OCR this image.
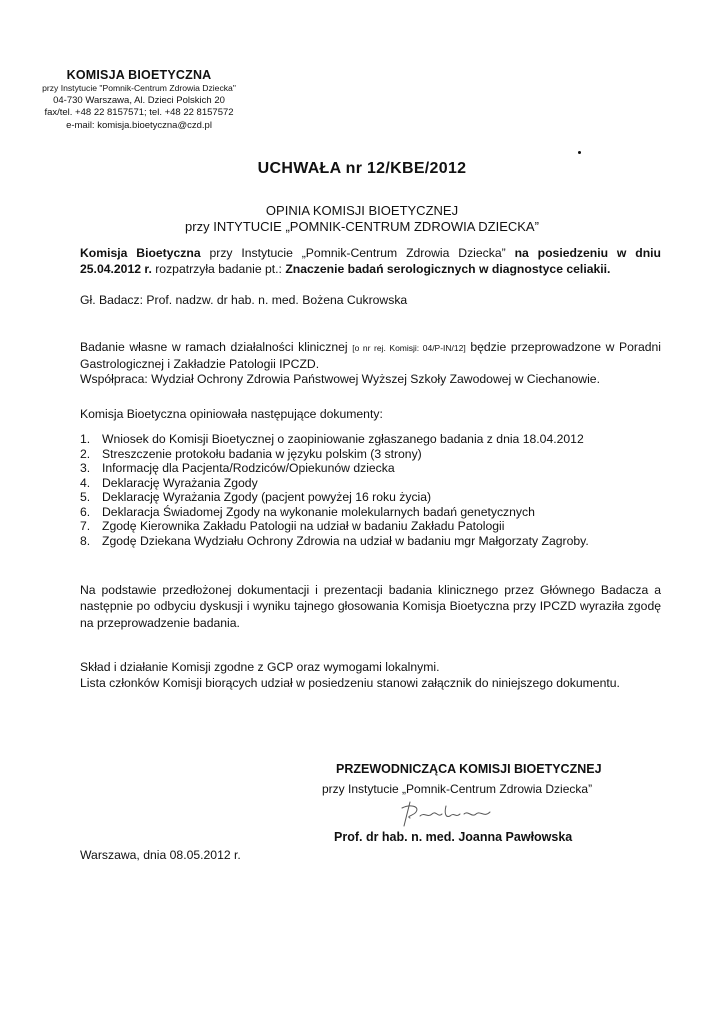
KOMISJA BIOETYCZNA
przy Instytucie "Pomnik-Centrum Zdrowia Dziecka"
04-730 Warszawa, Al. Dzieci Polskich 20
fax/tel. +48 22 8157571; tel. +48 22 8157572
e-mail: komisja.bioetyczna@czd.pl
UCHWAŁA nr 12/KBE/2012
OPINIA KOMISJI BIOETYCZNEJ
przy INTYTUCIE „POMNIK-CENTRUM ZDROWIA DZIECKA”
Komisja Bioetyczna przy Instytucie „Pomnik-Centrum Zdrowia Dziecka” na posiedzeniu w dniu 25.04.2012 r. rozpatrzyła badanie pt.: Znaczenie badań serologicznych w diagnostyce celiakii.
Gł. Badacz: Prof. nadzw. dr hab. n. med. Bożena Cukrowska
Badanie własne w ramach działalności klinicznej [o nr rej. Komisji: 04/P-IN/12] będzie przeprowadzone w Poradni Gastrologicznej i Zakładzie Patologii IPCZD.
Współpraca: Wydział Ochrony Zdrowia Państwowej Wyższej Szkoły Zawodowej w Ciechanowie.
Komisja Bioetyczna opiniowała następujące dokumenty:
1. Wniosek do Komisji Bioetycznej o zaopiniowanie zgłaszanego badania z dnia 18.04.2012
2. Streszczenie protokołu badania w języku polskim (3 strony)
3. Informację dla Pacjenta/Rodziców/Opiekunów dziecka
4. Deklarację Wyrażania Zgody
5. Deklarację Wyrażania Zgody (pacjent powyżej 16 roku życia)
6. Deklaracja Świadomej Zgody na wykonanie molekularnych badań genetycznych
7. Zgodę Kierownika Zakładu Patologii na udział w badaniu Zakładu Patologii
8. Zgodę Dziekana Wydziału Ochrony Zdrowia na udział w badaniu mgr Małgorzaty Zagroby.
Na podstawie przedłożonej dokumentacji i prezentacji badania klinicznego przez Głównego Badacza a następnie po odbyciu dyskusji i wyniku tajnego głosowania Komisja Bioetyczna przy IPCZD wyraziła zgodę na przeprowadzenie badania.
Skład i działanie Komisji zgodne z GCP oraz wymogami lokalnymi.
Lista członków Komisji biorących udział w posiedzeniu stanowi załącznik do niniejszego dokumentu.
PRZEWODNICZĄCA KOMISJI BIOETYCZNEJ
przy Instytucie „Pomnik-Centrum Zdrowia Dziecka”
Prof. dr hab. n. med. Joanna Pawłowska
Warszawa, dnia 08.05.2012 r.
